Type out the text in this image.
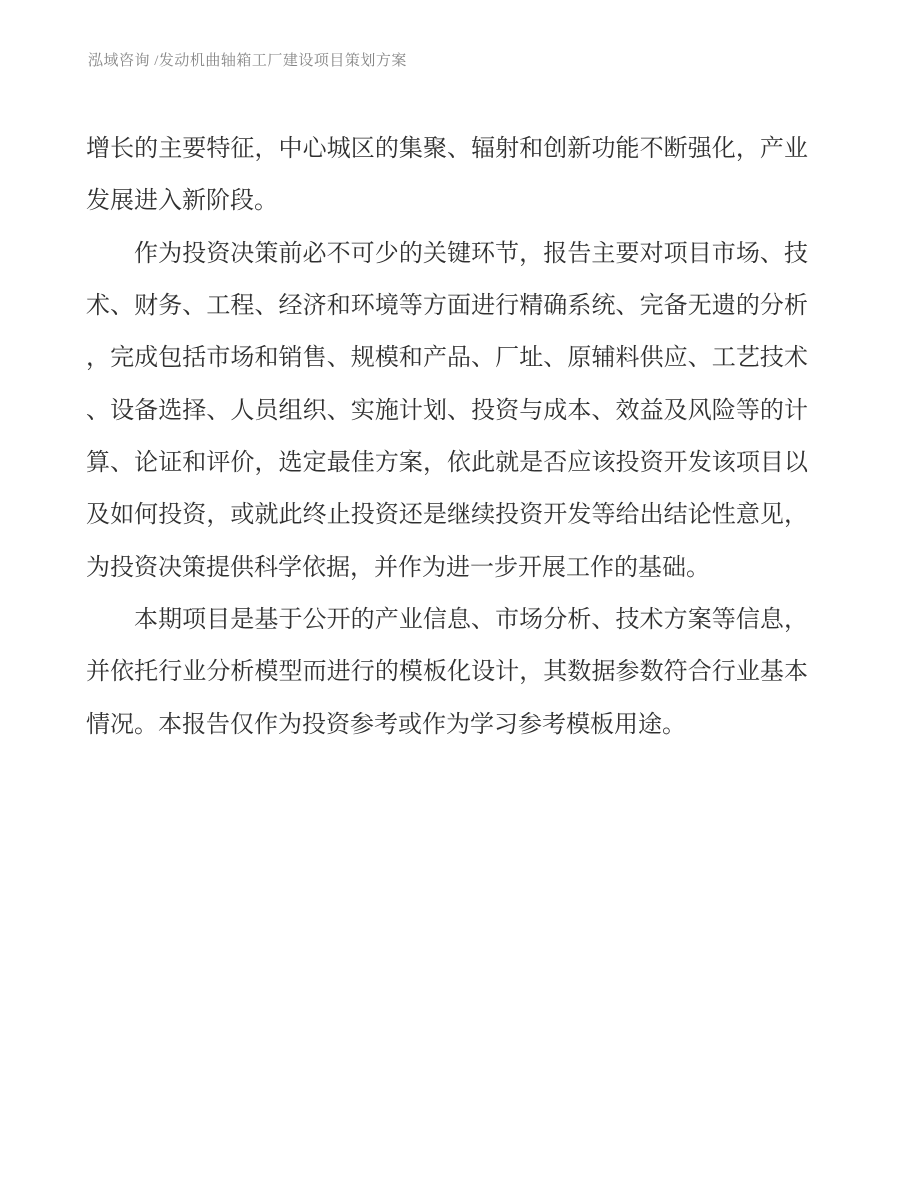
泓域咨询 /发动机曲轴箱工厂建设项目策划方案
增长的主要特征，中心城区的集聚、辐射和创新功能不断强化，产业
发展进入新阶段。
作为投资决策前必不可少的关键环节，报告主要对项目市场、技
术、财务、工程、经济和环境等方面进行精确系统、完备无遗的分析
，完成包括市场和销售、规模和产品、厂址、原辅料供应、工艺技术
、设备选择、人员组织、实施计划、投资与成本、效益及风险等的计
算、论证和评价，选定最佳方案，依此就是否应该投资开发该项目以
及如何投资，或就此终止投资还是继续投资开发等给出结论性意见，
为投资决策提供科学依据，并作为进一步开展工作的基础。
本期项目是基于公开的产业信息、市场分析、技术方案等信息，
并依托行业分析模型而进行的模板化设计，其数据参数符合行业基本
情况。本报告仅作为投资参考或作为学习参考模板用途。
